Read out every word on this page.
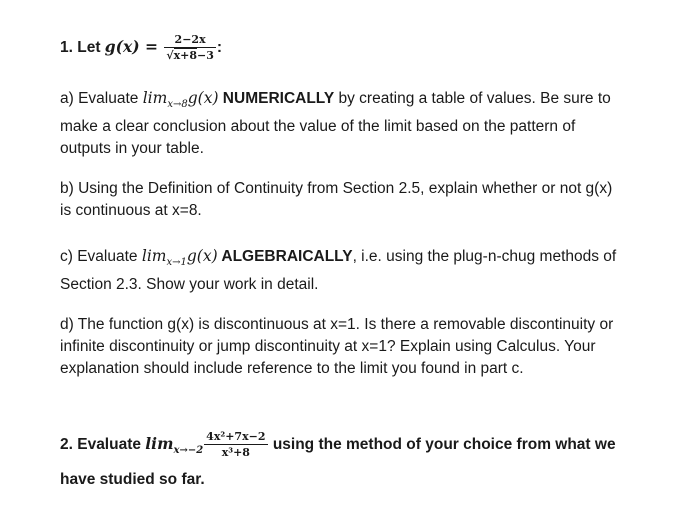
1. Let $g(x) = \frac{2-2x}{√x+8-3}$ :
a) Evaluate $\lim_{x\to 8}g(x)$ NUMERICALLY by creating a table of values. Be sure to
make a clear conclusion about the value of the limit based on the pattern of
outputs in your table.
b) Using the Definition of Continuity from Section 2.5, explain whether or not g(x)
is continuous at x=8.
c) Evaluate $\lim_{x\to 1}g(x)$ ALGEBRAICALLY, i.e. using the plug-n-chug methods of
Section 2.3. Show your work in detail.
d) The function g(x) is discontinuous at x=1. Is there a removable discontinuity or
infinite discontinuity or jump discontinuity at x=1? Explain using Calculus. Your
explanation should include reference to the limit you found in part c.
2. Evaluate $\lim_{x\to-2} \frac{\text{4x²+7x−2}}{\text{x³+8}}$ using the method of your choice from what we
have studied so far.
